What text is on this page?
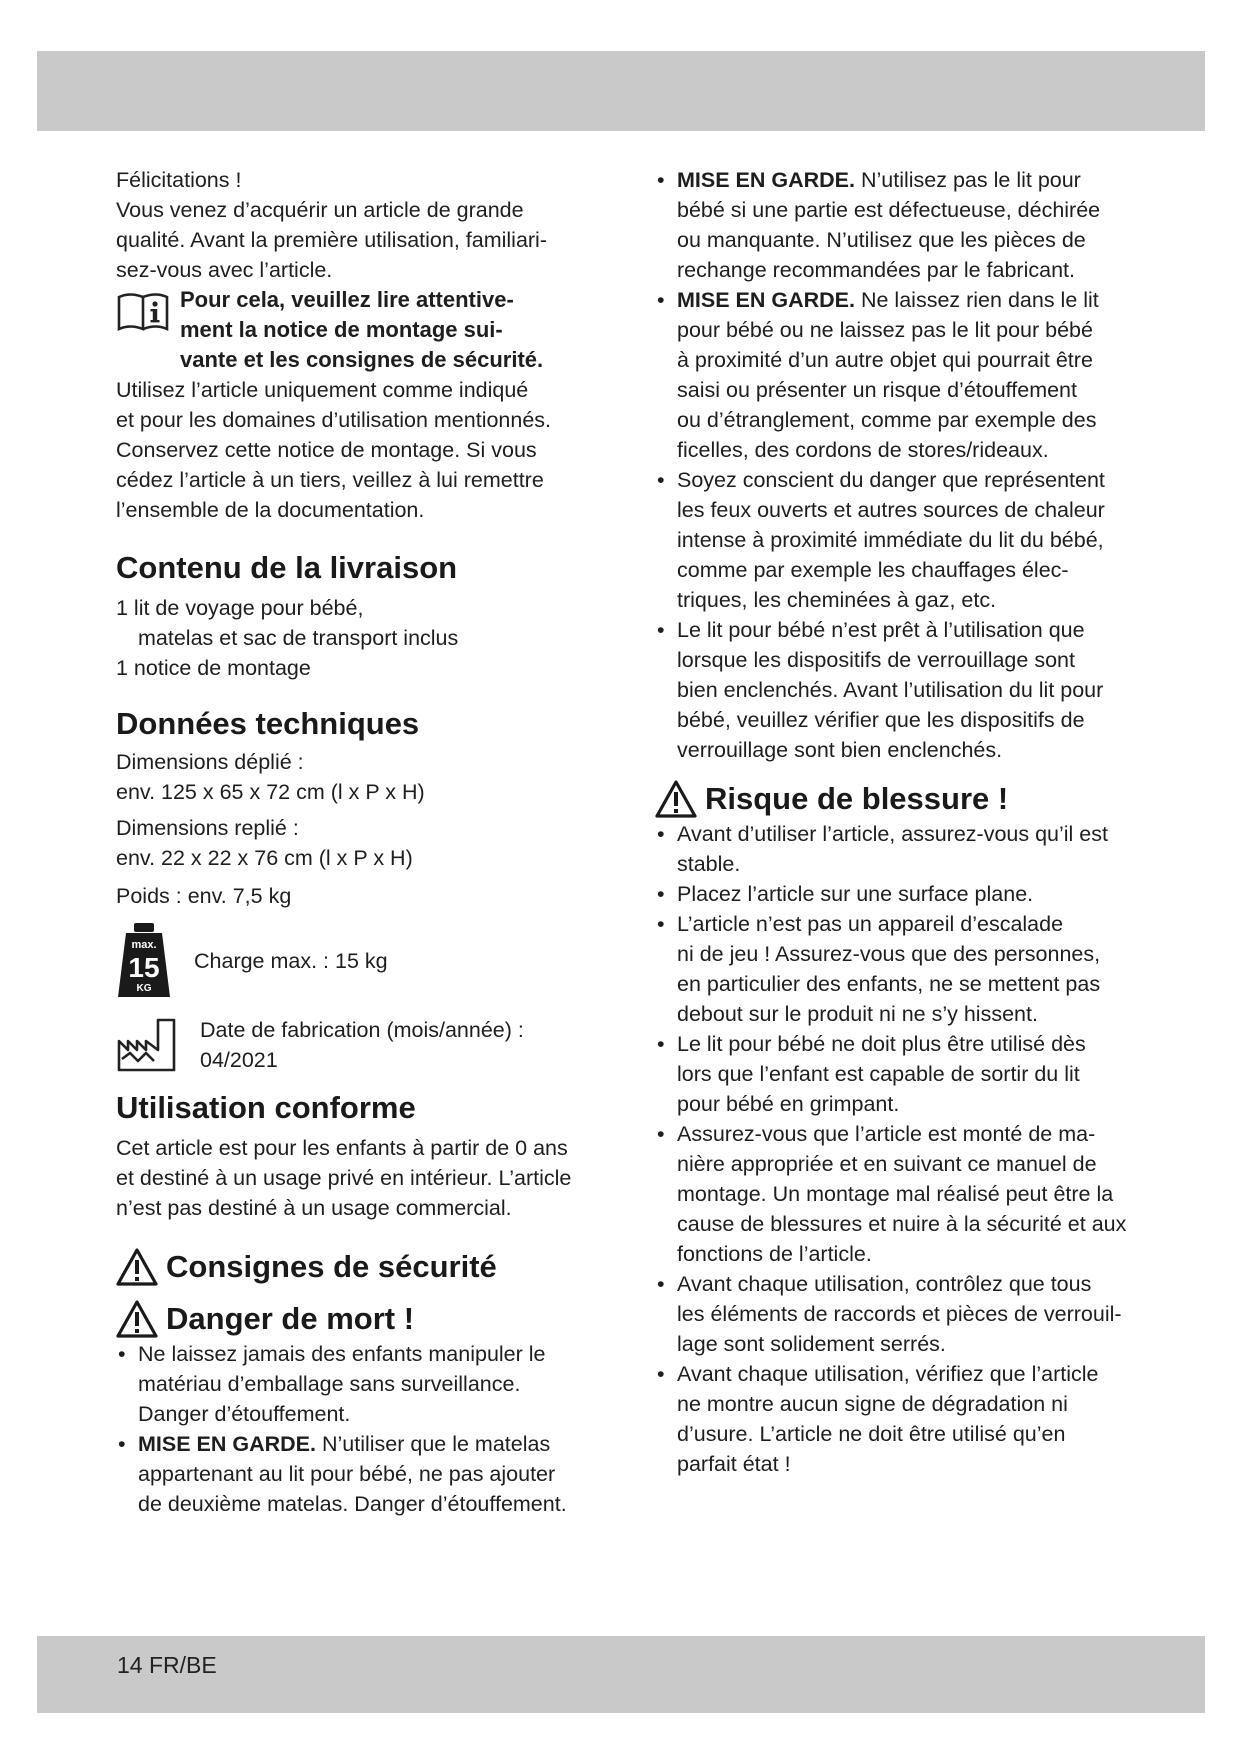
Félicitations !

Vous venez d’acquérir un article de grande

qualité. Avant la première utilisation, familiari-

sez-vous avec l’article.

Pour cela, veuillez lire attentive-
ment la notice de montage sui-
vante et les consignes de sécurité.

Utilisez l’article uniquement comme indiqué

et pour les domaines d’utilisation mentionnés.

Conservez cette notice de montage. Si vous

cédez l’article à un tiers, veillez à lui remettre

l’ensemble de la documentation.

Contenu de la livraison

1 lit de voyage pour bébé,

matelas et sac de transport inclus

1 notice de montage

Données techniques

Dimensions déplié :

env. 125 x 65 x 72 cm (l x P x H)

Dimensions replié :

env. 22 x 22 x 76 cm (l x P x H)

Poids : env. 7,5 kg

max.
15
KG

Charge max. : 15 kg

Date de fabrication (mois/année) :

04/2021

Utilisation conforme

Cet article est pour les enfants à partir de 0 ans

et destiné à un usage privé en intérieur. L’article

n’est pas destiné à un usage commercial.

Consignes de sécurité
Danger de mort !
• Ne laissez jamais des enfants manipuler le
matériau d’emballage sans surveillance.
Danger d’étouffement.
• MISE EN GARDE. N’utiliser que le matelas
appartenant au lit pour bébé, ne pas ajouter
de deuxième matelas. Danger d’étouffement.
• MISE EN GARDE. N’utilisez pas le lit pour
bébé si une partie est défectueuse, déchirée
ou manquante. N’utilisez que les pièces de
rechange recommandées par le fabricant.
• MISE EN GARDE. Ne laissez rien dans le lit
pour bébé ou ne laissez pas le lit pour bébé
à proximité d’un autre objet qui pourrait être
saisi ou présenter un risque d’étouffement
ou d’étranglement, comme par exemple des
ficelles, des cordons de stores/rideaux.
• Soyez conscient du danger que représentent
les feux ouverts et autres sources de chaleur
intense à proximité immédiate du lit du bébé,
comme par exemple les chauffages élec-
triques, les cheminées à gaz, etc.
• Le lit pour bébé n’est prêt à l’utilisation que
lorsque les dispositifs de verrouillage sont
bien enclenchés. Avant l’utilisation du lit pour
bébé, veuillez vérifier que les dispositifs de
verrouillage sont bien enclenchés.
Risque de blessure !
• Avant d’utiliser l’article, assurez-vous qu’il est
stable.
• Placez l’article sur une surface plane.
• L’article n’est pas un appareil d’escalade
ni de jeu ! Assurez-vous que des personnes,
en particulier des enfants, ne se mettent pas
debout sur le produit ni ne s’y hissent.
• Le lit pour bébé ne doit plus être utilisé dès
lors que l’enfant est capable de sortir du lit
pour bébé en grimpant.
• Assurez-vous que l’article est monté de ma-
nière appropriée et en suivant ce manuel de
montage. Un montage mal réalisé peut être la
cause de blessures et nuire à la sécurité et aux
fonctions de l’article.
• Avant chaque utilisation, contrôlez que tous
les éléments de raccords et pièces de verrouil-
lage sont solidement serrés.
• Avant chaque utilisation, vérifiez que l’article
ne montre aucun signe de dégradation ni
d’usure. L’article ne doit être utilisé qu’en
parfait état !
14 FR/BE
